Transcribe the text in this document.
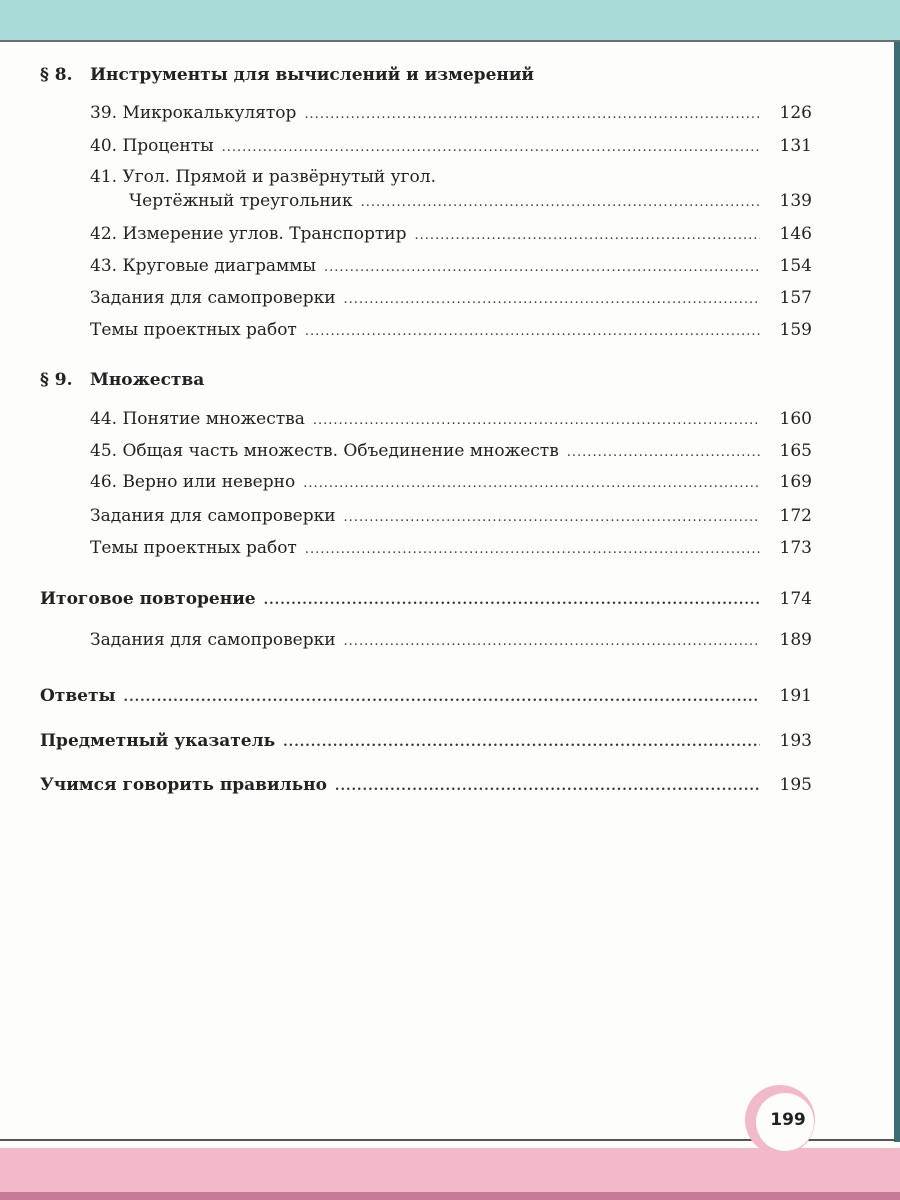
§ 8. Инструменты для вычислений и измерений
39. Микрокалькулятор .....	126
40. Проценты .....	131
41. Угол. Прямой и развёрнутый угол.
Чертёжный треугольник .....	139
42. Измерение углов. Транспортир .....	146
43. Круговые диаграммы .....	154
Задания для самопроверки .....	157
Темы проектных работ .....	159
§ 9. Множества
44. Понятие множества .....	160
45. Общая часть множеств. Объединение множеств .....	165
46. Верно или неверно .....	169
Задания для самопроверки .....	172
Темы проектных работ .....	173
Итоговое повторение .....	174
Задания для самопроверки .....	189
Ответы .....	191
Предметный указатель .....	193
Учимся говорить правильно .....	195
199
